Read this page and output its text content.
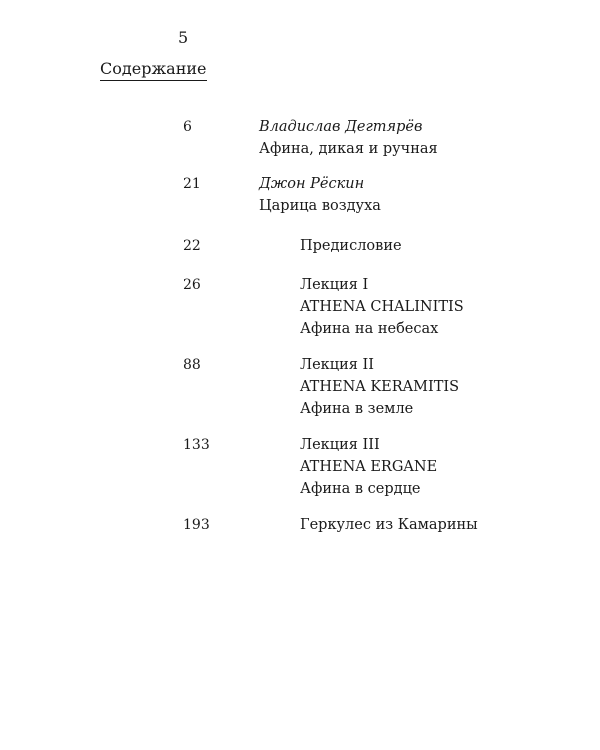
5
Содержание
6	Владислав Дегтярёв
Афина, дикая и ручная
21	Джон Рёскин
Царица воздуха
22	Предисловие
26	Лекция I
ATHENA CHALINITIS
Афина на небесах
88	Лекция II
ATHENA KERAMITIS
Афина в земле
133	Лекция III
ATHENA ERGANE
Афина в сердце
193	Геркулес из Камарины
